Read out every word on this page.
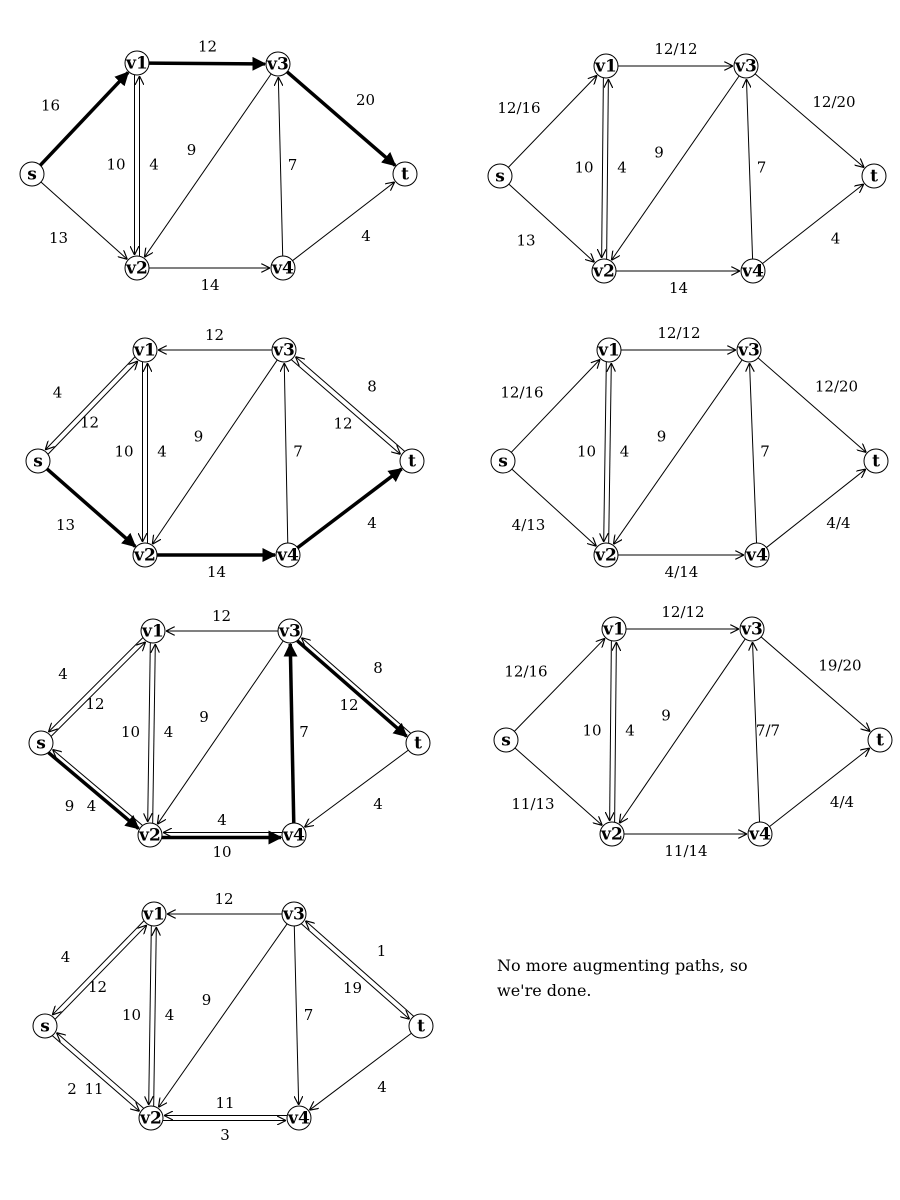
16
13
12
4
10
9
14
7
20
4
s
v1
v2
v3
v4
t
12/16
13
12/12
4
10
9
14
7
12/20
4
s
v1
v2
v3
v4
t
4
12
13
12
4
10
9
14
7
8
12
4
s
v1
v2
v3
v4
t
12/16
4/13
12/12
4
10
9
4/14
7
12/20
4/4
s
v1
v2
v3
v4
t
4
12
9 4
12
4
10
9
4
10
7
8
12
4
s
v1
v2
v3
v4
t
12/16
11/13
12/12
4
10
9
11/14
7/7
19/20
4/4
s
v1
v2
v3
v4
t
4
12
2 11
12
4
10
9
11
3
7
1
19
4
s
v1
v2
v3
v4
t
No more augmenting paths, so we're done.
